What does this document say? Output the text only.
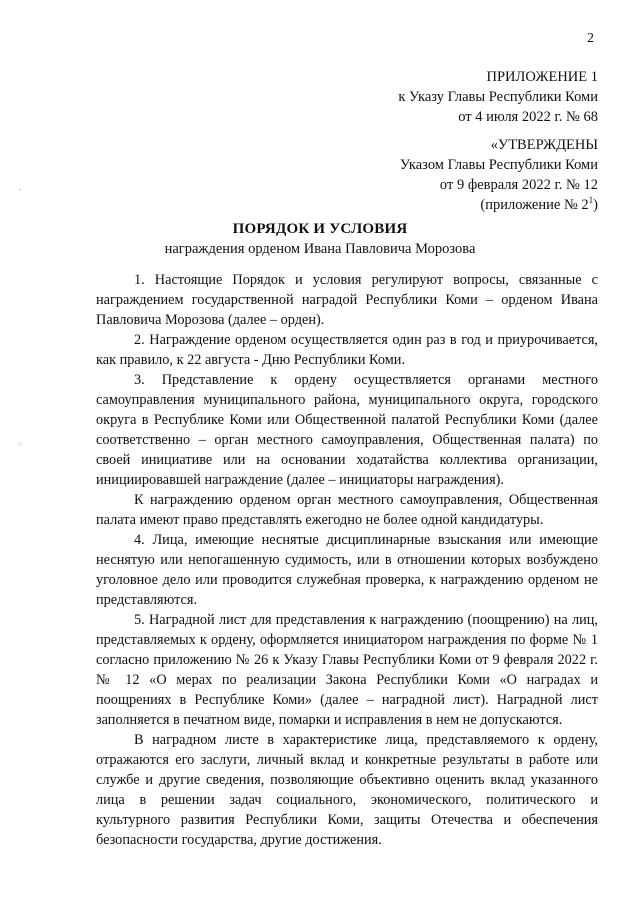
2
ПРИЛОЖЕНИЕ 1
к Указу Главы Республики Коми
от 4 июля 2022 г. № 68
«УТВЕРЖДЕНЫ
Указом Главы Республики Коми
от 9 февраля 2022 г. № 12
(приложение № $2^1$)
ПОРЯДОК И УСЛОВИЯ
награждения орденом Ивана Павловича Морозова

1. Настоящие Порядок и условия регулируют вопросы, связанные с награждением государственной наградой Республики Коми – орденом Ивана Павловича Морозова (далее – орден).

2. Награждение орденом осуществляется один раз в год и приурочивается, как правило, к 22 августа - Дню Республики Коми.

3. Представление к ордену осуществляется органами местного самоуправления муниципального района, муниципального округа, городского округа в Республике Коми или Общественной палатой Республики Коми (далее соответственно – орган местного самоуправления, Общественная палата) по своей инициативе или на основании ходатайства коллектива организации, инициировавшей награждение (далее – инициаторы награждения).

К награждению орденом орган местного самоуправления, Общественная палата имеют право представлять ежегодно не более одной кандидатуры.

4. Лица, имеющие неснятые дисциплинарные взыскания или имеющие неснятую или непогашенную судимость, или в отношении которых возбуждено уголовное дело или проводится служебная проверка, к награждению орденом не представляются.

5. Наградной лист для представления к награждению (поощрению) на лиц, представляемых к ордену, оформляется инициатором награждения по форме № 1 согласно приложению № 26 к Указу Главы Республики Коми от 9 февраля 2022 г. № 12 «О мерах по реализации Закона Республики Коми «О наградах и поощрениях в Республике Коми» (далее – наградной лист). Наградной лист заполняется в печатном виде, помарки и исправления в нем не допускаются.

В наградном листе в характеристике лица, представляемого к ордену, отражаются его заслуги, личный вклад и конкретные результаты в работе или службе и другие сведения, позволяющие объективно оценить вклад указанного лица в решении задач социального, экономического, политического и культурного развития Республики Коми, защиты Отечества и обеспечения безопасности государства, другие достижения.
